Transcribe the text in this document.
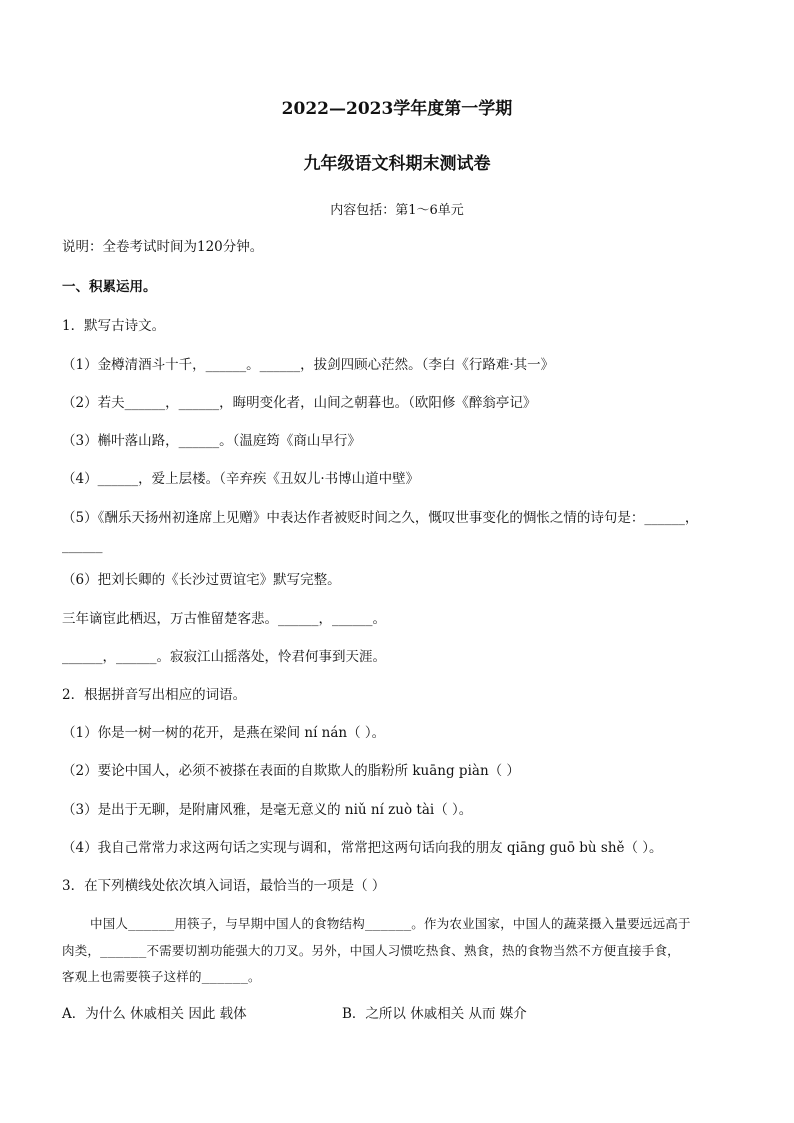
2022—2023学年度第一学期
九年级语文科期末测试卷
内容包括：第1～6单元
说明：全卷考试时间为120分钟。
一、积累运用。
1．默写古诗文。
（1）金樽清酒斗十千，______。______，拔剑四顾心茫然。（李白《行路难·其一》
（2）若夫______，______，晦明变化者，山间之朝暮也。（欧阳修《醉翁亭记》
（3）槲叶落山路，______。（温庭筠《商山早行》
（4）______，爱上层楼。（辛弃疾《丑奴儿·书博山道中壁》
（5）《酬乐天扬州初逢席上见赠》中表达作者被贬时间之久，慨叹世事变化的惆怅之情的诗句是：______，
______
（6）把刘长卿的《长沙过贾谊宅》默写完整。
三年谪宦此栖迟，万古惟留楚客悲。______，______。
______，______。寂寂江山摇落处，怜君何事到天涯。
2．根据拼音写出相应的词语。
（1）你是一树一树的花开，是燕在梁间 ní nán（ ）。
（2）要论中国人，必须不被搽在表面的自欺欺人的脂粉所 kuāng piàn（ ）
（3）是出于无聊，是附庸风雅，是毫无意义的 niǔ ní zuò tài（ ）。
（4）我自己常常力求这两句话之实现与调和，常常把这两句话向我的朋友 qiāng guō bù shě（ ）。
3．在下列横线处依次填入词语，最恰当的一项是（ ）
中国人______用筷子，与早期中国人的食物结构______。作为农业国家，中国人的蔬菜摄入量要远远高于
肉类，______不需要切割功能强大的刀叉。另外，中国人习惯吃热食、熟食，热的食物当然不方便直接手食，
客观上也需要筷子这样的______。
A．为什么 休戚相关 因此 载体	B．之所以 休戚相关 从而 媒介
